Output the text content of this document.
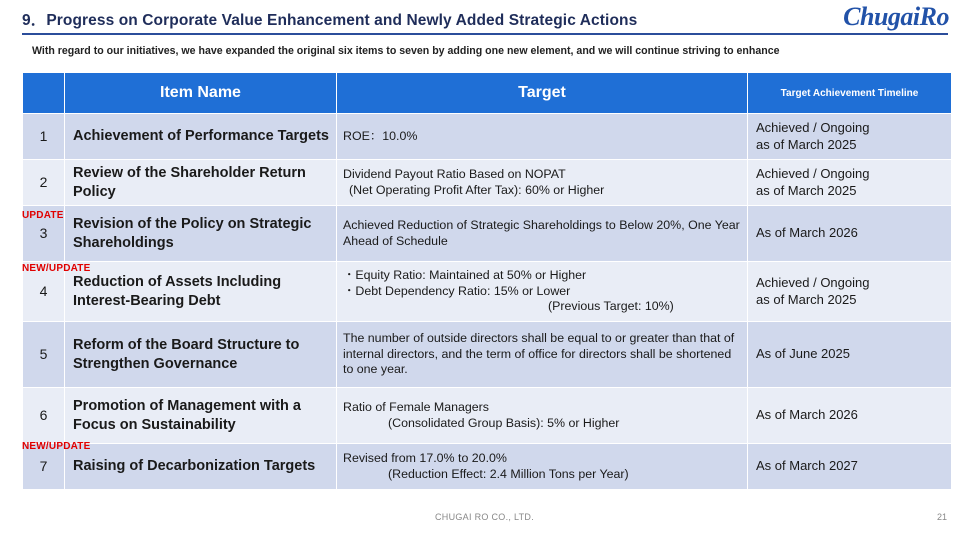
9．Progress on Corporate Value Enhancement and Newly Added Strategic Actions	ChugaiRo
With regard to our initiatives, we have expanded the original six items to seven by adding one new element, and we will continue striving to enhance
	Item Name	Target	Target Achievement Timeline
1	Achievement of Performance Targets	ROE：10.0%	Achieved / Ongoing
as of March 2025

2	Review of the Shareholder Return Policy	Dividend Payout Ratio Based on NOPAT
(Net Operating Profit After Tax): 60% or Higher	Achieved / Ongoing
as of March 2025

3	Revision of the Policy on Strategic Shareholdings	Achieved Reduction of Strategic Shareholdings to Below 20%, One Year Ahead of Schedule	As of March 2026

4	Reduction of Assets Including Interest-Bearing Debt	・Equity Ratio: Maintained at 50% or Higher
・Debt Dependency Ratio: 15% or Lower
(Previous Target: 10%)	Achieved / Ongoing
as of March 2025

5	Reform of the Board Structure to Strengthen Governance	The number of outside directors shall be equal to or greater than that of internal directors, and the term of office for directors shall be shortened to one year.	As of June 2025

6	Promotion of Management with a Focus on Sustainability	Ratio of Female Managers
(Consolidated Group Basis): 5% or Higher	As of March 2026

7	Raising of Decarbonization Targets	Revised from 17.0% to 20.0%
(Reduction Effect: 2.4 Million Tons per Year)	As of March 2027
UPDATE
NEW/UPDATE
NEW/UPDATE
CHUGAI RO CO., LTD.	21
